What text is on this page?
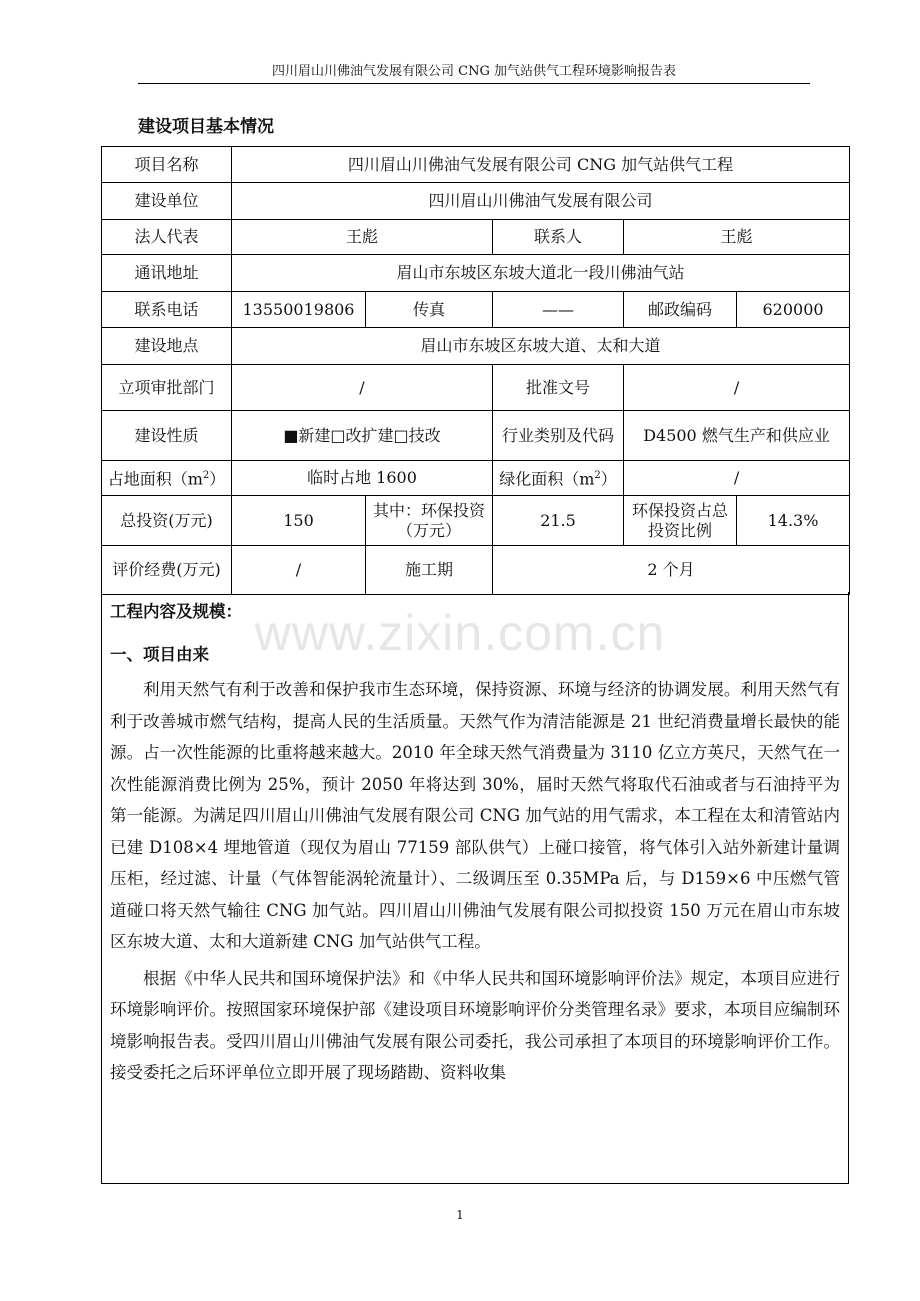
四川眉山川佛油气发展有限公司 CNG 加气站供气工程环境影响报告表
建设项目基本情况
项目名称	四川眉山川佛油气发展有限公司 CNG 加气站供气工程				
建设单位	四川眉山川佛油气发展有限公司				
法人代表	王彪		联系人	王彪	
通讯地址	眉山市东坡区东坡大道北一段川佛油气站				
联系电话	13550019806	传真	——	邮政编码	620000
建设地点	眉山市东坡区东坡大道、太和大道				
立项审批部门	/		批准文号	/	
建设性质	■新建□改扩建□技改		行业类别及代码	D4500 燃气生产和供应业	
占地面积$(m^2)$	临时占地 1600		绿化面积$(m^2)$	/	
总投资(万元)	150	其中：环保投资（万元）	21.5	环保投资占总投资比例	14.3%
评价经费(万元)	/	施工期	2 个月		
工程内容及规模：
一、项目由来

利用天然气有利于改善和保护我市生态环境，保持资源、环境与经济的协调发展。利用天然气有利于改善城市燃气结构，提高人民的生活质量。天然气作为清洁能源是 21 世纪消费量增长最快的能源。占一次性能源的比重将越来越大。2010 年全球天然气消费量为 3110 亿立方英尺，天然气在一次性能源消费比例为 25%，预计 2050 年将达到 30%，届时天然气将取代石油或者与石油持平为第一能源。为满足四川眉山川佛油气发展有限公司 CNG 加气站的用气需求，本工程在太和清管站内已建 D108×4 埋地管道（现仅为眉山 77159 部队供气）上碰口接管，将气体引入站外新建计量调压柜，经过滤、计量（气体智能涡轮流量计）、二级调压至 0.35MPa 后，与 D159×6 中压燃气管道碰口将天然气输往 CNG 加气站。四川眉山川佛油气发展有限公司拟投资 150 万元在眉山市东坡区东坡大道、太和大道新建 CNG 加气站供气工程。

根据《中华人民共和国环境保护法》和《中华人民共和国环境影响评价法》规定，本项目应进行环境影响评价。按照国家环境保护部《建设项目环境影响评价分类管理名录》要求，本项目应编制环境影响报告表。受四川眉山川佛油气发展有限公司委托，我公司承担了本项目的环境影响评价工作。接受委托之后环评单位立即开展了现场踏勘、资料收集

www.zixin.com.cn
1
